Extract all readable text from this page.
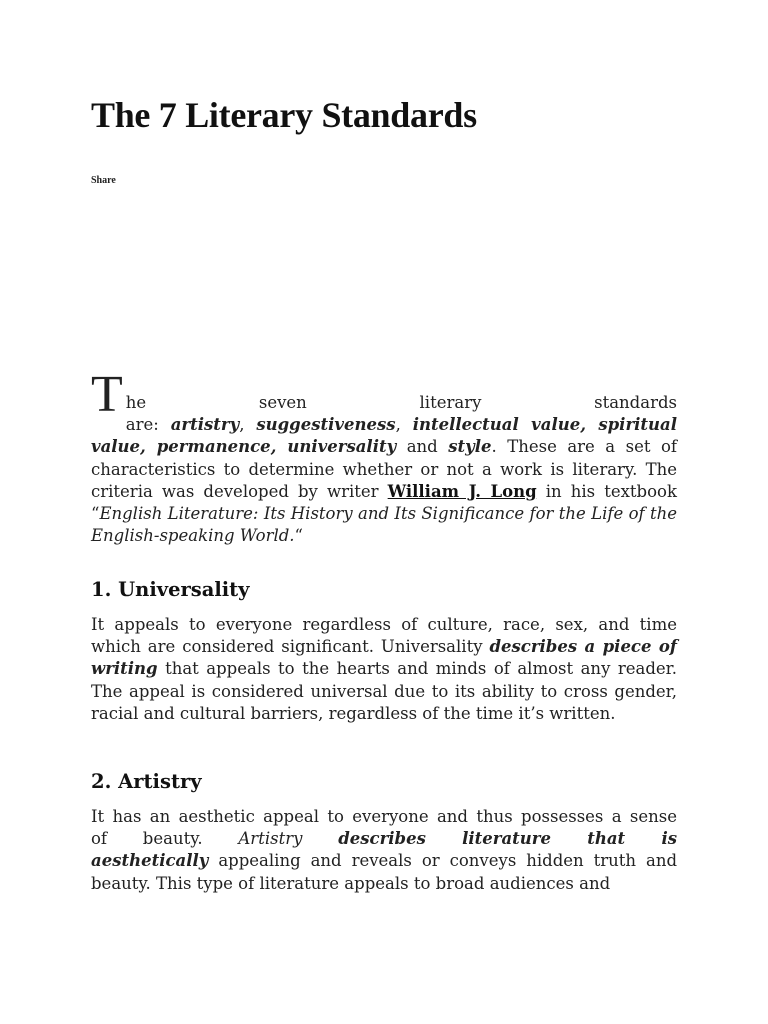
The 7 Literary Standards
Share

T he seven literary standards
are: artistry, suggestiveness, intellectual value, spiritual value, permanence, universality and style. These are a set of characteristics to determine whether or not a work is literary. The criteria was developed by writer William J. Long in his textbook “English Literature: Its History and Its Significance for the Life of the English-speaking World.“

1. Universality

It appeals to everyone regardless of culture, race, sex, and time which are considered significant. Universality describes a piece of writing that appeals to the hearts and minds of almost any reader. The appeal is considered universal due to its ability to cross gender, racial and cultural barriers, regardless of the time it’s written.

2. Artistry

It has an aesthetic appeal to everyone and thus possesses a sense
of beauty. Artistry describes literature that is
aesthetically appealing and reveals or conveys hidden truth and beauty. This type of literature appeals to broad audiences and
